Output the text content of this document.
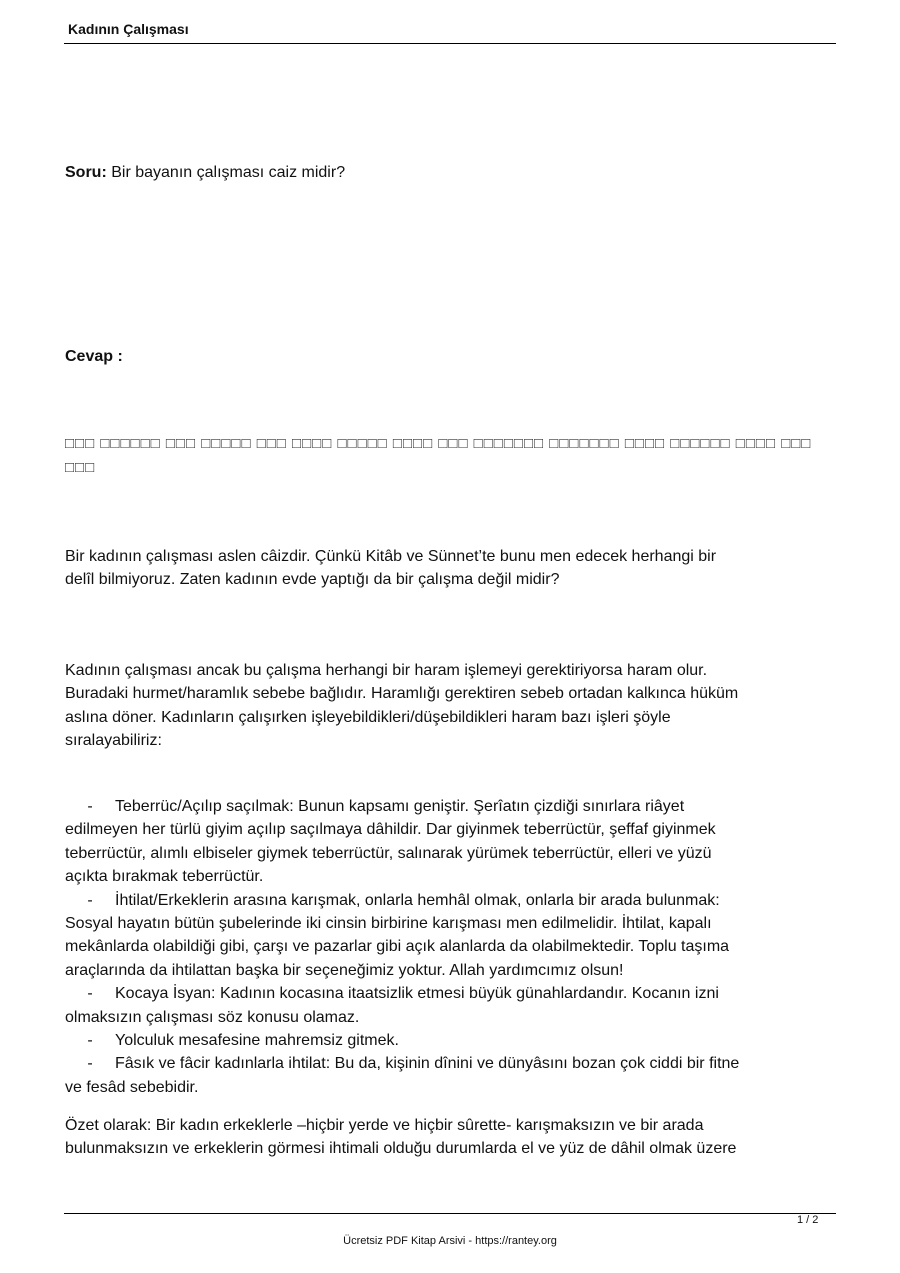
Kadının Çalışması
Soru: Bir bayanın çalışması caiz midir?
Cevap :
□□□ □□□□□□ □□□ □□□□□ □□□ □□□□ □□□□□ □□□□ □□□ □□□□□□□ □□□□□□□ □□□□ □□□□□□ □□□□ □□□
□□□
Bir kadının çalışması aslen câizdir. Çünkü Kitâb ve Sünnet’te bunu men edecek herhangi bir
delîl bilmiyoruz. Zaten kadının evde yaptığı da bir çalışma değil midir?
Kadının çalışması ancak bu çalışma herhangi bir haram işlemeyi gerektiriyorsa haram olur.
Buradaki hurmet/haramlık sebebe bağlıdır. Haramlığı gerektiren sebeb ortadan kalkınca hüküm
aslına döner. Kadınların çalışırken işleyebildikleri/düşebildikleri haram bazı işleri şöyle
sıralayabiliriz:
- Teberrüc/Açılıp saçılmak: Bunun kapsamı geniştir. Şerîatın çizdiği sınırlara riâyet
edilmeyen her türlü giyim açılıp saçılmaya dâhildir. Dar giyinmek teberrüctür, şeffaf giyinmek
teberrüctür, alımlı elbiseler giymek teberrüctür, salınarak yürümek teberrüctür, elleri ve yüzü
açıkta bırakmak teberrüctür.
- İhtilat/Erkeklerin arasına karışmak, onlarla hemhâl olmak, onlarla bir arada bulunmak:
Sosyal hayatın bütün şubelerinde iki cinsin birbirine karışması men edilmelidir. İhtilat, kapalı
mekânlarda olabildiği gibi, çarşı ve pazarlar gibi açık alanlarda da olabilmektedir. Toplu taşıma
araçlarında da ihtilattan başka bir seçeneğimiz yoktur. Allah yardımcımız olsun!
- Kocaya İsyan: Kadının kocasına itaatsizlik etmesi büyük günahlardandır. Kocanın izni
olmaksızın çalışması söz konusu olamaz.
- Yolculuk mesafesine mahremsiz gitmek.
- Fâsık ve fâcir kadınlarla ihtilat: Bu da, kişinin dînini ve dünyâsını bozan çok ciddi bir fitne
ve fesâd sebebidir.
Özet olarak: Bir kadın erkeklerle –hiçbir yerde ve hiçbir sûrette- karışmaksızın ve bir arada
bulunmaksızın ve erkeklerin görmesi ihtimali olduğu durumlarda el ve yüz de dâhil olmak üzere
1 / 2
Ücretsiz PDF Kitap Arsivi - https://rantey.org
